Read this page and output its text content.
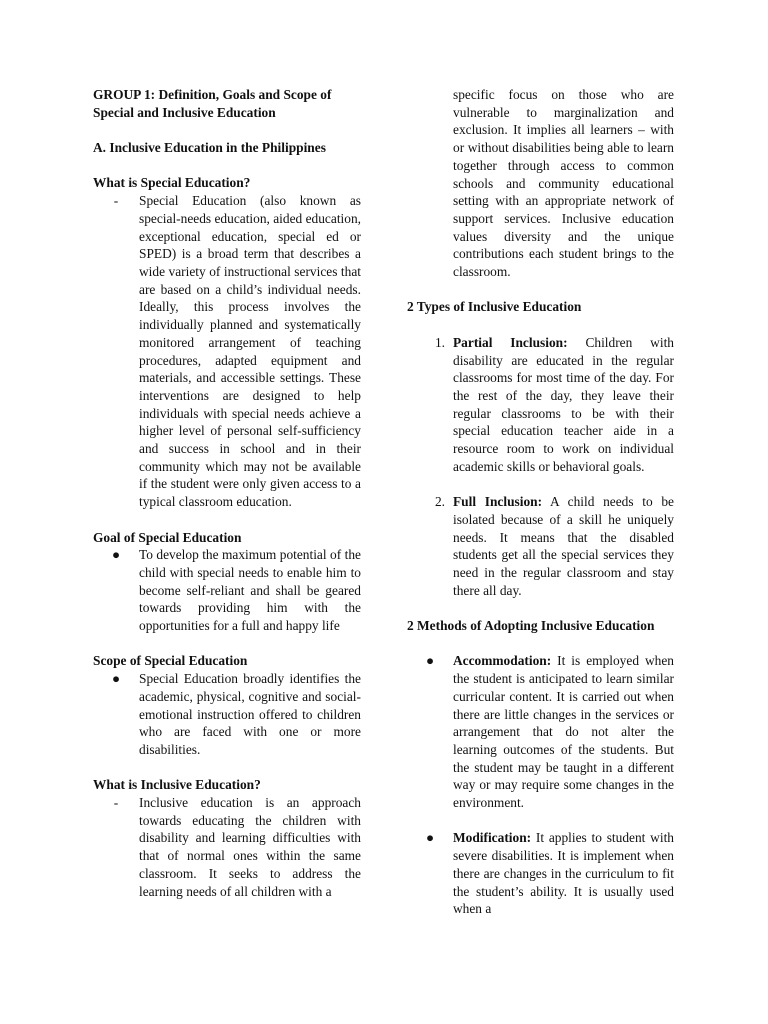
GROUP 1: Definition, Goals and Scope of Special and Inclusive Education
A. Inclusive Education in the Philippines
What is Special Education?
-	Special Education (also known as special-needs education, aided education, exceptional education, special ed or SPED) is a broad term that describes a wide variety of instructional services that are based on a child’s individual needs. Ideally, this process involves the individually planned and systematically monitored arrangement of teaching procedures, adapted equipment and materials, and accessible settings. These interventions are designed to help individuals with special needs achieve a higher level of personal self-sufficiency and success in school and in their community which may not be available if the student were only given access to a typical classroom education.
Goal of Special Education
●	To develop the maximum potential of the child with special needs to enable him to become self-reliant and shall be geared towards providing him with the opportunities for a full and happy life
Scope of Special Education
●	Special Education broadly identifies the academic, physical, cognitive and social-emotional instruction offered to children who are faced with one or more disabilities.
What is Inclusive Education?
-	Inclusive education is an approach towards educating the children with disability and learning difficulties with that of normal ones within the same classroom. It seeks to address the learning needs of all children with a
specific focus on those who are vulnerable to marginalization and exclusion. It implies all learners – with or without disabilities being able to learn together through access to common schools and community educational setting with an appropriate network of support services. Inclusive education values diversity and the unique contributions each student brings to the classroom.
2 Types of Inclusive Education
1. Partial Inclusion: Children with disability are educated in the regular classrooms for most time of the day. For the rest of the day, they leave their regular classrooms to be with their special education teacher aide in a resource room to work on individual academic skills or behavioral goals.
2. Full Inclusion: A child needs to be isolated because of a skill he uniquely needs. It means that the disabled students get all the special services they need in the regular classroom and stay there all day.
2 Methods of Adopting Inclusive Education
●	Accommodation: It is employed when the student is anticipated to learn similar curricular content. It is carried out when there are little changes in the services or arrangement that do not alter the learning outcomes of the students. But the student may be taught in a different way or may require some changes in the environment.
●	Modification: It applies to student with severe disabilities. It is implement when there are changes in the curriculum to fit the student’s ability. It is usually used when a
